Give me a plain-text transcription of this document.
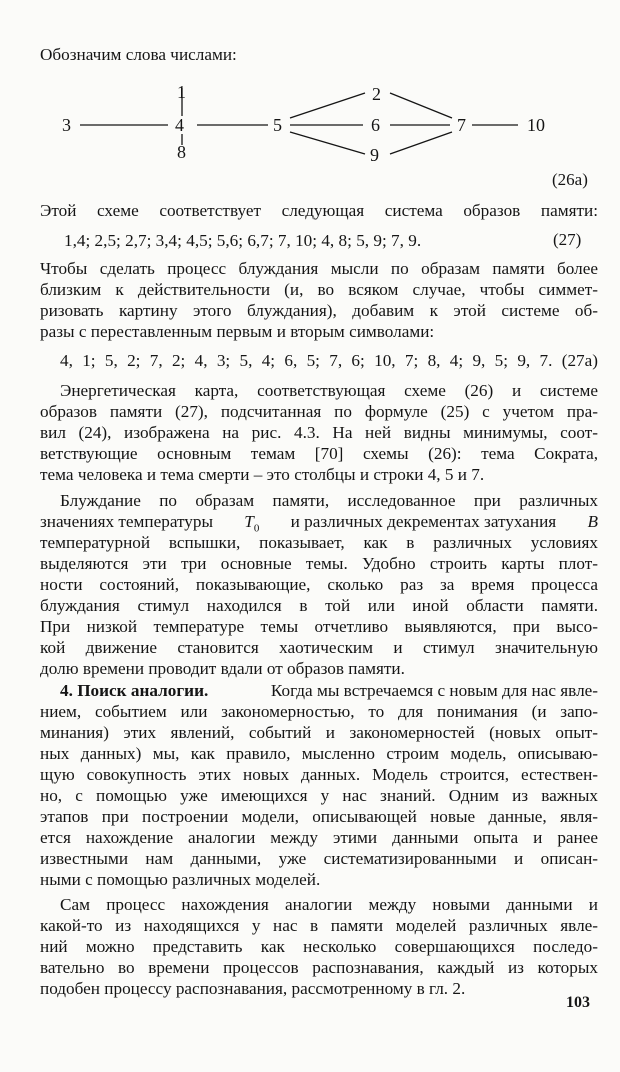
Обозначим слова числами:
1	2
3	4	5	6	7
8	9
10
(26а)
Этой схеме соответствует следующая система образов памяти:
1,4; 2,5; 2,7; 3,4; 4,5; 5,6; 6,7; 7, 10; 4, 8; 5, 9; 7, 9.	(27)
Чтобы сделать процесс блуждания мысли по образам памяти более
близким к действительности (и, во всяком случае, чтобы симмет-
ризовать картину этого блуждания), добавим к этой системе об-
разы с переставленным первым и вторым символами:
4, 1; 5, 2; 7, 2; 4, 3; 5, 4; 6, 5; 7, 6; 10, 7; 8, 4; 9, 5; 9, 7. (27а)
Энергетическая карта, соответствующая схеме (26) и системе
образов памяти (27), подсчитанная по формуле (25) с учетом пра-
вил (24), изображена на рис. 4.3. На ней видны минимумы, соот-
ветствующие основным темам [70] схемы (26): тема Сократа,
тема человека и тема смерти – это столбцы и строки 4, 5 и 7.
Блуждание по образам памяти, исследованное при различных
значениях температуры $T_0$ и различных декрементах затухания B
температурной вспышки, показывает, как в различных условиях
выделяются эти три основные темы. Удобно строить карты плот-
ности состояний, показывающие, сколько раз за время процесса
блуждания стимул находился в той или иной области памяти.
При низкой температуре темы отчетливо выявляются, при высо-
кой движение становится хаотическим и стимул значительную
долю времени проводит вдали от образов памяти.
4. Поиск аналогии.	Когда мы встречаемся с новым для нас явле-
нием, событием или закономерностью, то для понимания (и запо-
минания) этих явлений, событий и закономерностей (новых опыт-
ных данных) мы, как правило, мысленно строим модель, описываю-
щую совокупность этих новых данных. Модель строится, естествен-
но, с помощью уже имеющихся у нас знаний. Одним из важных
этапов при построении модели, описывающей новые данные, явля-
ется нахождение аналогии между этими данными опыта и ранее
известными нам данными, уже систематизированными и описан-
ными с помощью различных моделей.
Сам процесс нахождения аналогии между новыми данными и
какой-то из находящихся у нас в памяти моделей различных явле-
ний можно представить как несколько совершающихся последо-
вательно во времени процессов распознавания, каждый из которых
подобен процессу распознавания, рассмотренному в гл. 2.
103
